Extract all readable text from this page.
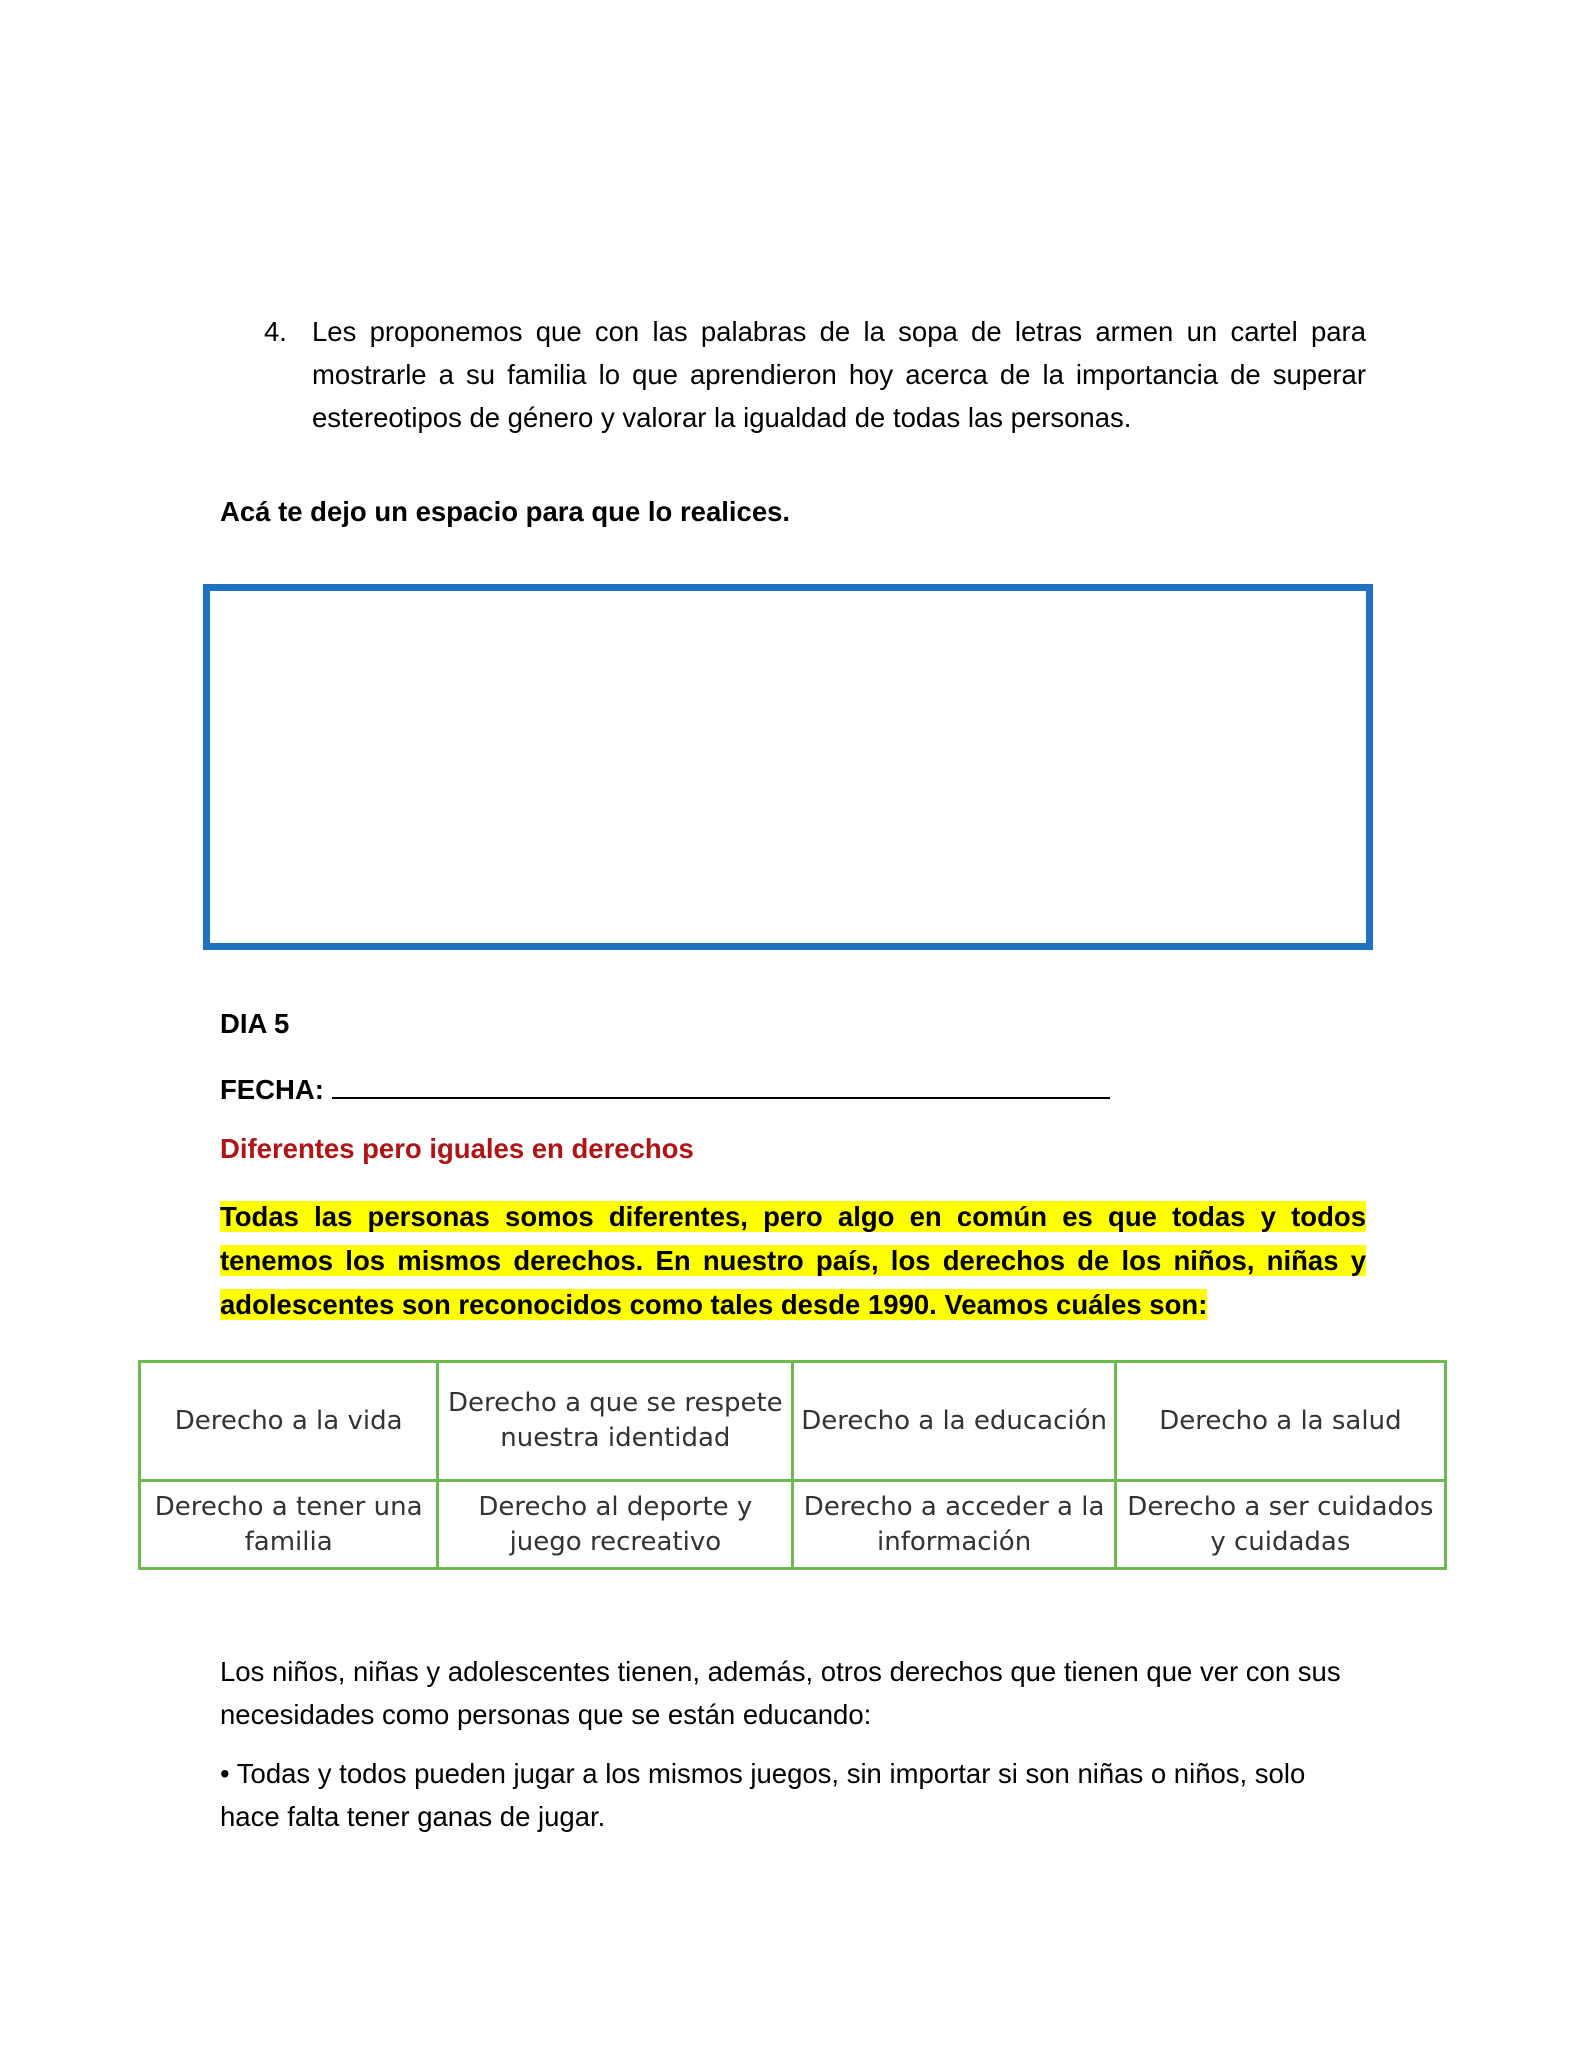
4. Les proponemos que con las palabras de la sopa de letras armen un cartel para mostrarle a su familia lo que aprendieron hoy acerca de la importancia de superar estereotipos de género y valorar la igualdad de todas las personas.
Acá te dejo un espacio para que lo realices.
DIA 5
FECHA:
Diferentes pero iguales en derechos
Todas las personas somos diferentes, pero algo en común es que todas y todos tenemos los mismos derechos. En nuestro país, los derechos de los niños, niñas y adolescentes son reconocidos como tales desde 1990. Veamos cuáles son:
Derecho a la vida	Derecho a que se respete nuestra identidad	Derecho a la educación	Derecho a la salud
Derecho a tener una familia	Derecho al deporte y juego recreativo	Derecho a acceder a la información	Derecho a ser cuidados y cuidadas
Los niños, niñas y adolescentes tienen, además, otros derechos que tienen que ver con sus necesidades como personas que se están educando:
• Todas y todos pueden jugar a los mismos juegos, sin importar si son niñas o niños, solo hace falta tener ganas de jugar.
